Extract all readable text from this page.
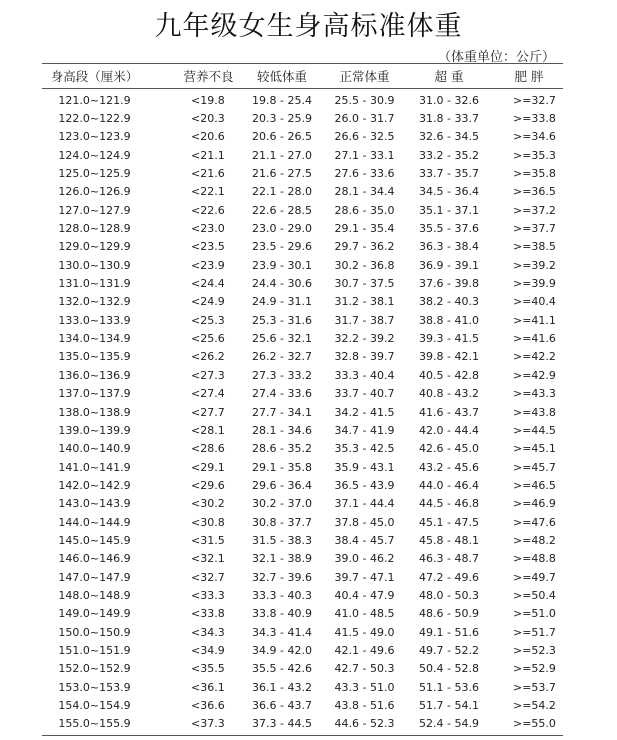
九年级女生身高标准体重
（体重单位：公斤）
身高段（厘米）	营养不良	较低体重	正常体重	超 重	肥 胖
121.0~121.9	<19.8	19.8 - 25.4	25.5 - 30.9	31.0 - 32.6	>=32.7
122.0~122.9	<20.3	20.3 - 25.9	26.0 - 31.7	31.8 - 33.7	>=33.8
123.0~123.9	<20.6	20.6 - 26.5	26.6 - 32.5	32.6 - 34.5	>=34.6
124.0~124.9	<21.1	21.1 - 27.0	27.1 - 33.1	33.2 - 35.2	>=35.3
125.0~125.9	<21.6	21.6 - 27.5	27.6 - 33.6	33.7 - 35.7	>=35.8
126.0~126.9	<22.1	22.1 - 28.0	28.1 - 34.4	34.5 - 36.4	>=36.5
127.0~127.9	<22.6	22.6 - 28.5	28.6 - 35.0	35.1 - 37.1	>=37.2
128.0~128.9	<23.0	23.0 - 29.0	29.1 - 35.4	35.5 - 37.6	>=37.7
129.0~129.9	<23.5	23.5 - 29.6	29.7 - 36.2	36.3 - 38.4	>=38.5
130.0~130.9	<23.9	23.9 - 30.1	30.2 - 36.8	36.9 - 39.1	>=39.2
131.0~131.9	<24.4	24.4 - 30.6	30.7 - 37.5	37.6 - 39.8	>=39.9
132.0~132.9	<24.9	24.9 - 31.1	31.2 - 38.1	38.2 - 40.3	>=40.4
133.0~133.9	<25.3	25.3 - 31.6	31.7 - 38.7	38.8 - 41.0	>=41.1
134.0~134.9	<25.6	25.6 - 32.1	32.2 - 39.2	39.3 - 41.5	>=41.6
135.0~135.9	<26.2	26.2 - 32.7	32.8 - 39.7	39.8 - 42.1	>=42.2
136.0~136.9	<27.3	27.3 - 33.2	33.3 - 40.4	40.5 - 42.8	>=42.9
137.0~137.9	<27.4	27.4 - 33.6	33.7 - 40.7	40.8 - 43.2	>=43.3
138.0~138.9	<27.7	27.7 - 34.1	34.2 - 41.5	41.6 - 43.7	>=43.8
139.0~139.9	<28.1	28.1 - 34.6	34.7 - 41.9	42.0 - 44.4	>=44.5
140.0~140.9	<28.6	28.6 - 35.2	35.3 - 42.5	42.6 - 45.0	>=45.1
141.0~141.9	<29.1	29.1 - 35.8	35.9 - 43.1	43.2 - 45.6	>=45.7
142.0~142.9	<29.6	29.6 - 36.4	36.5 - 43.9	44.0 - 46.4	>=46.5
143.0~143.9	<30.2	30.2 - 37.0	37.1 - 44.4	44.5 - 46.8	>=46.9
144.0~144.9	<30.8	30.8 - 37.7	37.8 - 45.0	45.1 - 47.5	>=47.6
145.0~145.9	<31.5	31.5 - 38.3	38.4 - 45.7	45.8 - 48.1	>=48.2
146.0~146.9	<32.1	32.1 - 38.9	39.0 - 46.2	46.3 - 48.7	>=48.8
147.0~147.9	<32.7	32.7 - 39.6	39.7 - 47.1	47.2 - 49.6	>=49.7
148.0~148.9	<33.3	33.3 - 40.3	40.4 - 47.9	48.0 - 50.3	>=50.4
149.0~149.9	<33.8	33.8 - 40.9	41.0 - 48.5	48.6 - 50.9	>=51.0
150.0~150.9	<34.3	34.3 - 41.4	41.5 - 49.0	49.1 - 51.6	>=51.7
151.0~151.9	<34.9	34.9 - 42.0	42.1 - 49.6	49.7 - 52.2	>=52.3
152.0~152.9	<35.5	35.5 - 42.6	42.7 - 50.3	50.4 - 52.8	>=52.9
153.0~153.9	<36.1	36.1 - 43.2	43.3 - 51.0	51.1 - 53.6	>=53.7
154.0~154.9	<36.6	36.6 - 43.7	43.8 - 51.6	51.7 - 54.1	>=54.2
155.0~155.9	<37.3	37.3 - 44.5	44.6 - 52.3	52.4 - 54.9	>=55.0
